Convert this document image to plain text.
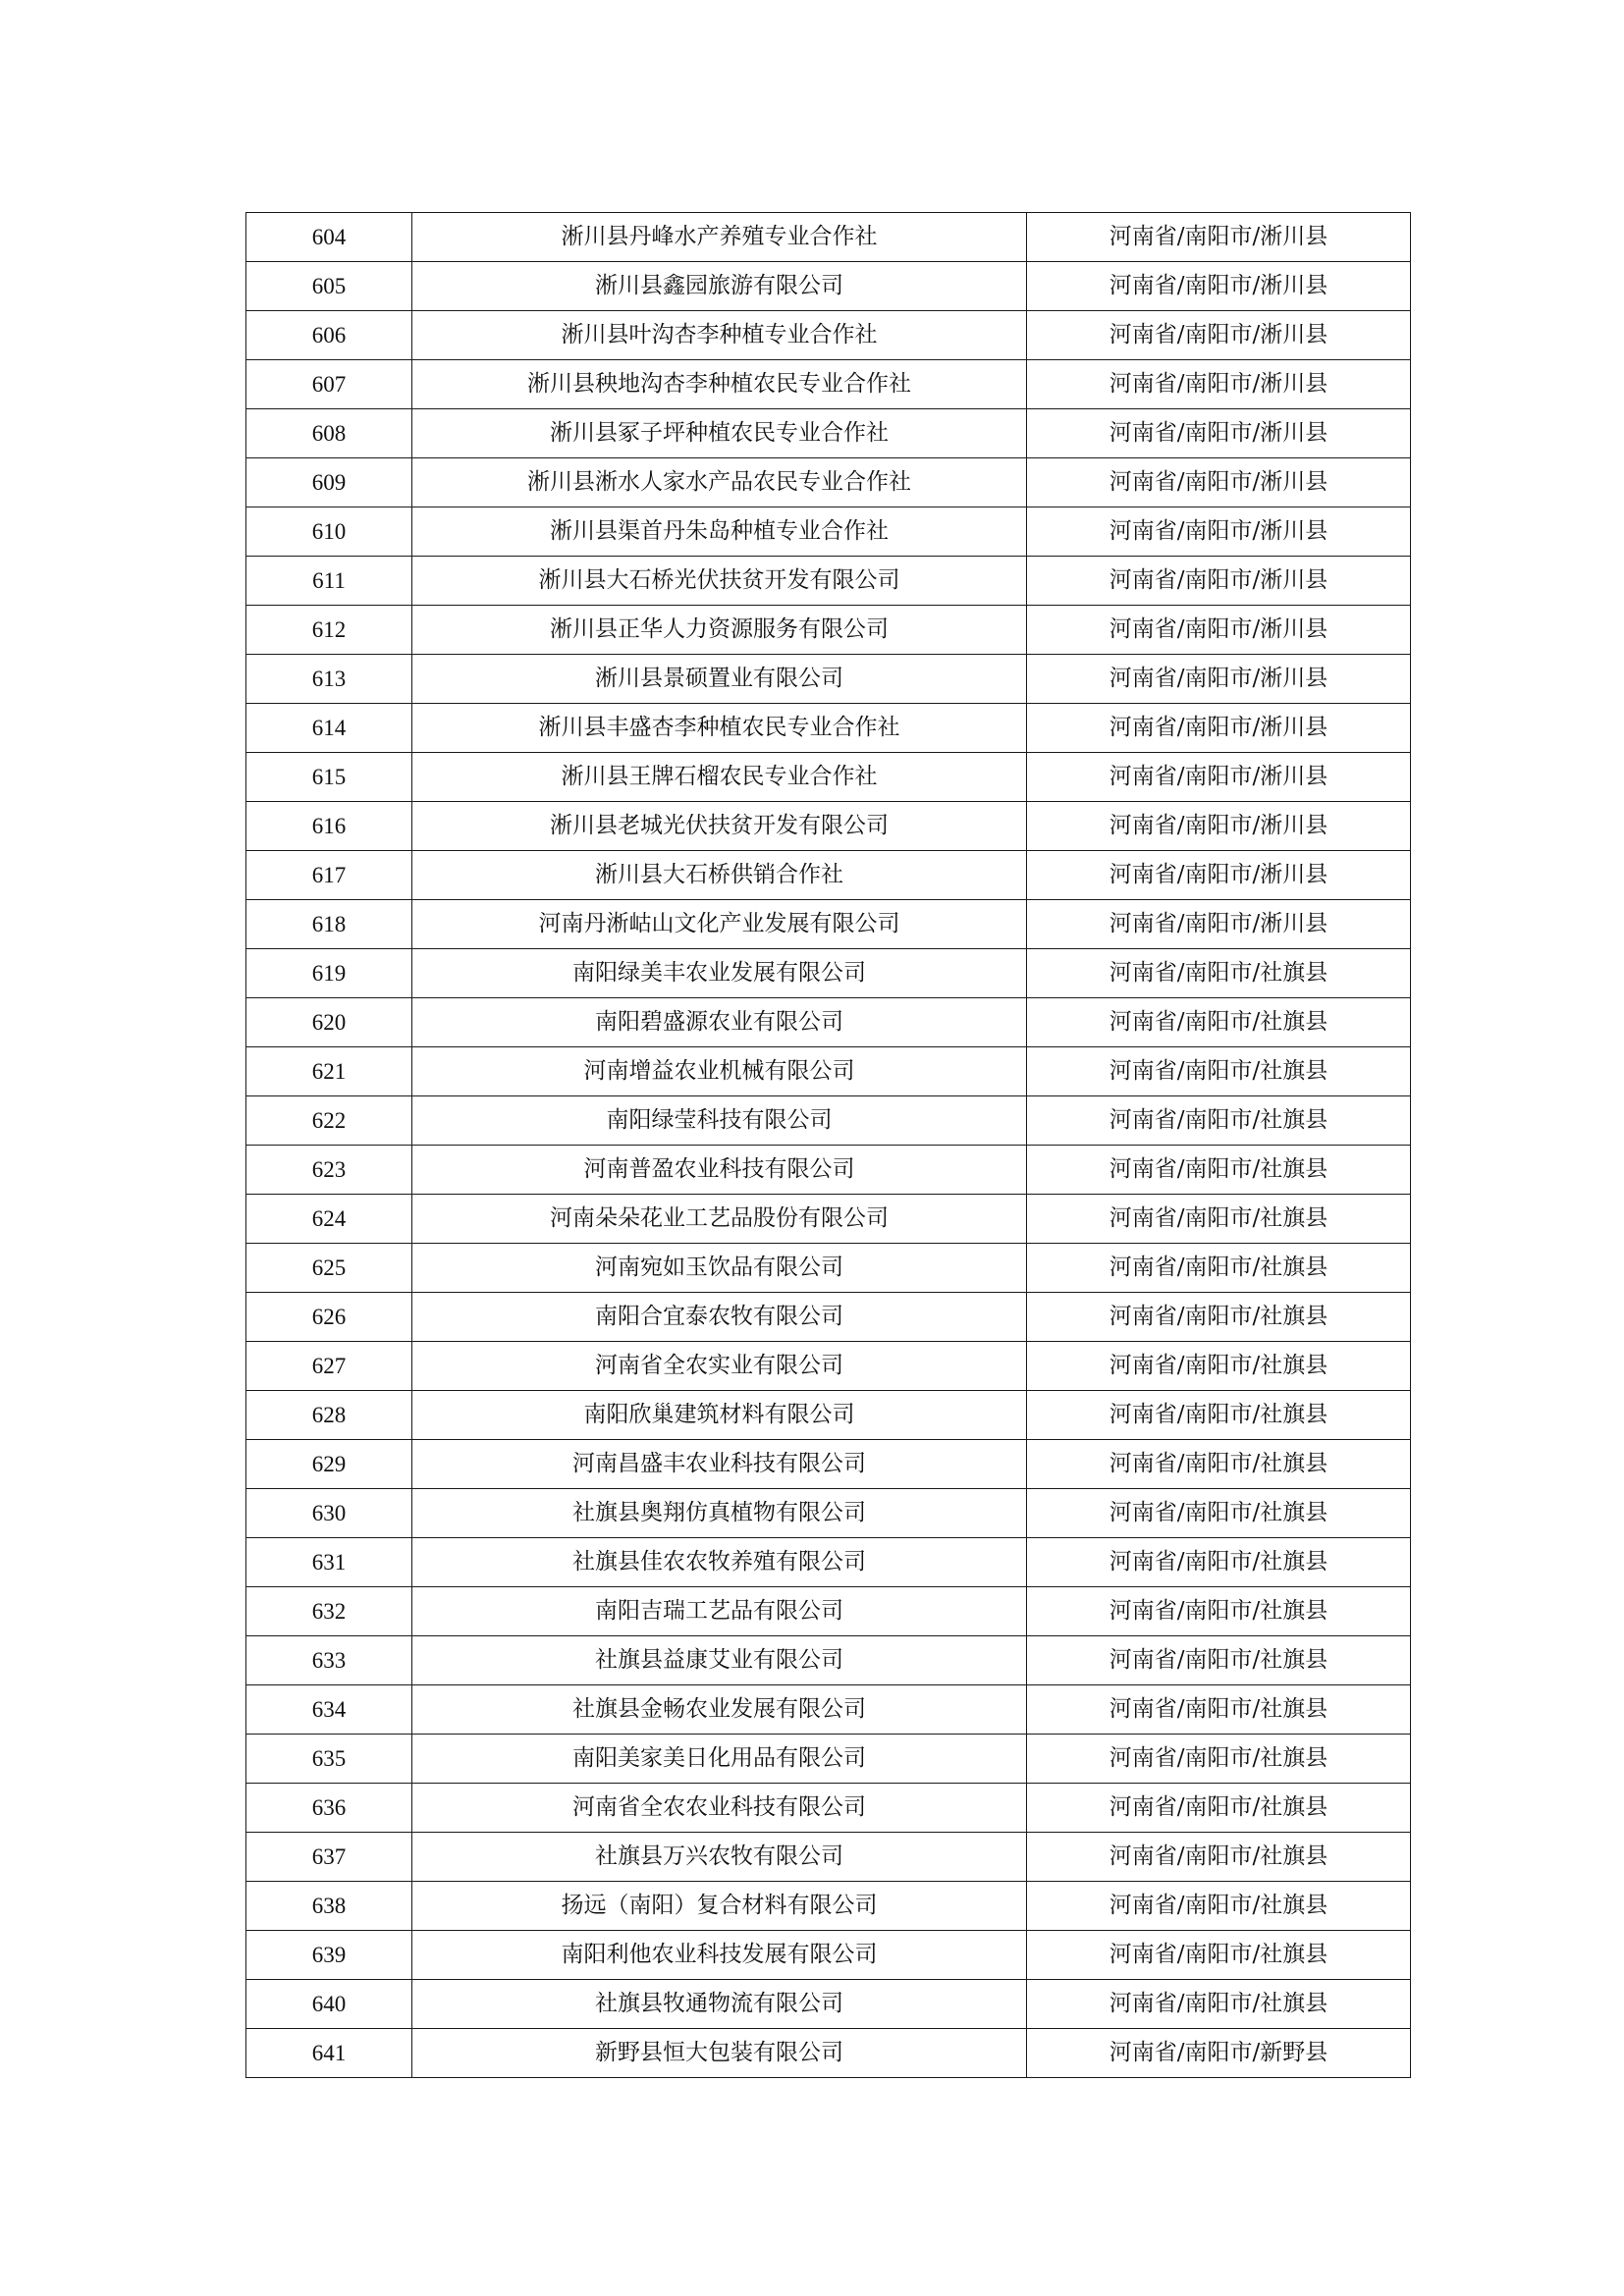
604	淅川县丹峰水产养殖专业合作社	河南省/南阳市/淅川县
605	淅川县鑫园旅游有限公司	河南省/南阳市/淅川县
606	淅川县叶沟杏李种植专业合作社	河南省/南阳市/淅川县
607	淅川县秧地沟杏李种植农民专业合作社	河南省/南阳市/淅川县
608	淅川县冢子坪种植农民专业合作社	河南省/南阳市/淅川县
609	淅川县淅水人家水产品农民专业合作社	河南省/南阳市/淅川县
610	淅川县渠首丹朱岛种植专业合作社	河南省/南阳市/淅川县
611	淅川县大石桥光伏扶贫开发有限公司	河南省/南阳市/淅川县
612	淅川县正华人力资源服务有限公司	河南省/南阳市/淅川县
613	淅川县景硕置业有限公司	河南省/南阳市/淅川县
614	淅川县丰盛杏李种植农民专业合作社	河南省/南阳市/淅川县
615	淅川县王牌石榴农民专业合作社	河南省/南阳市/淅川县
616	淅川县老城光伏扶贫开发有限公司	河南省/南阳市/淅川县
617	淅川县大石桥供销合作社	河南省/南阳市/淅川县
618	河南丹淅岵山文化产业发展有限公司	河南省/南阳市/淅川县
619	南阳绿美丰农业发展有限公司	河南省/南阳市/社旗县
620	南阳碧盛源农业有限公司	河南省/南阳市/社旗县
621	河南增益农业机械有限公司	河南省/南阳市/社旗县
622	南阳绿莹科技有限公司	河南省/南阳市/社旗县
623	河南普盈农业科技有限公司	河南省/南阳市/社旗县
624	河南朵朵花业工艺品股份有限公司	河南省/南阳市/社旗县
625	河南宛如玉饮品有限公司	河南省/南阳市/社旗县
626	南阳合宜泰农牧有限公司	河南省/南阳市/社旗县
627	河南省全农实业有限公司	河南省/南阳市/社旗县
628	南阳欣巢建筑材料有限公司	河南省/南阳市/社旗县
629	河南昌盛丰农业科技有限公司	河南省/南阳市/社旗县
630	社旗县奥翔仿真植物有限公司	河南省/南阳市/社旗县
631	社旗县佳农农牧养殖有限公司	河南省/南阳市/社旗县
632	南阳吉瑞工艺品有限公司	河南省/南阳市/社旗县
633	社旗县益康艾业有限公司	河南省/南阳市/社旗县
634	社旗县金畅农业发展有限公司	河南省/南阳市/社旗县
635	南阳美家美日化用品有限公司	河南省/南阳市/社旗县
636	河南省全农农业科技有限公司	河南省/南阳市/社旗县
637	社旗县万兴农牧有限公司	河南省/南阳市/社旗县
638	扬远（南阳）复合材料有限公司	河南省/南阳市/社旗县
639	南阳利他农业科技发展有限公司	河南省/南阳市/社旗县
640	社旗县牧通物流有限公司	河南省/南阳市/社旗县
641	新野县恒大包装有限公司	河南省/南阳市/新野县
